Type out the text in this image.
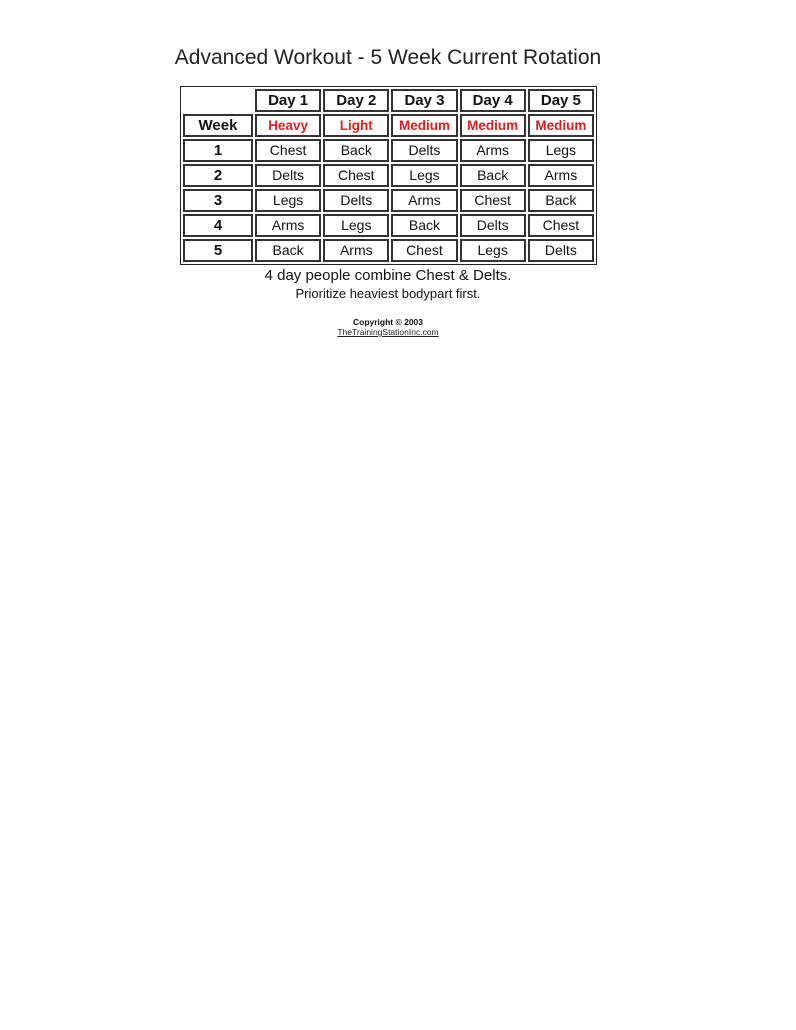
Advanced Workout - 5 Week Current Rotation
	Day 1	Day 2	Day 3	Day 4	Day 5
Week	Heavy	Light	Medium	Medium	Medium
1	Chest	Back	Delts	Arms	Legs
2	Delts	Chest	Legs	Back	Arms
3	Legs	Delts	Arms	Chest	Back
4	Arms	Legs	Back	Delts	Chest
5	Back	Arms	Chest	Legs	Delts
4 day people combine Chest & Delts.
Prioritize heaviest bodypart first.
Copyright © 2003
TheTrainingStationInc.com
